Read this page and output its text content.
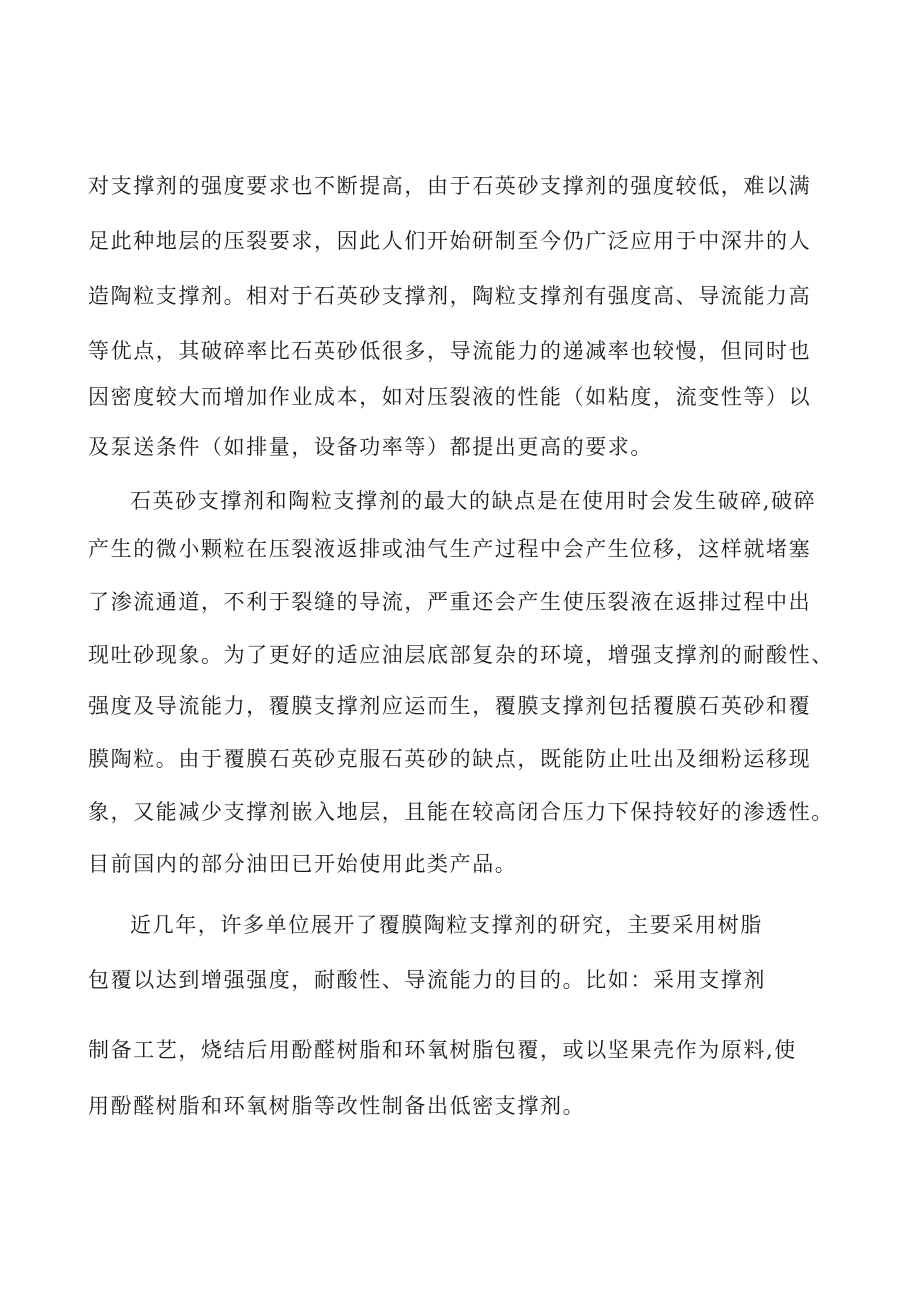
对支撑剂的强度要求也不断提高，由于石英砂支撑剂的强度较低，难以满
足此种地层的压裂要求，因此人们开始研制至今仍广泛应用于中深井的人
造陶粒支撑剂。相对于石英砂支撑剂，陶粒支撑剂有强度高、导流能力高
等优点，其破碎率比石英砂低很多，导流能力的递减率也较慢，但同时也
因密度较大而增加作业成本，如对压裂液的性能（如粘度，流变性等）以
及泵送条件（如排量，设备功率等）都提出更高的要求。
石英砂支撑剂和陶粒支撑剂的最大的缺点是在使用时会发生破碎,破碎
产生的微小颗粒在压裂液返排或油气生产过程中会产生位移，这样就堵塞
了渗流通道，不利于裂缝的导流，严重还会产生使压裂液在返排过程中出
现吐砂现象。为了更好的适应油层底部复杂的环境，增强支撑剂的耐酸性、
强度及导流能力，覆膜支撑剂应运而生，覆膜支撑剂包括覆膜石英砂和覆
膜陶粒。由于覆膜石英砂克服石英砂的缺点，既能防止吐出及细粉运移现
象，又能减少支撑剂嵌入地层，且能在较高闭合压力下保持较好的渗透性。
目前国内的部分油田已开始使用此类产品。
近几年，许多单位展开了覆膜陶粒支撑剂的研究，主要采用树脂
包覆以达到增强强度，耐酸性、导流能力的目的。比如：采用支撑剂
制备工艺，烧结后用酚醛树脂和环氧树脂包覆，或以坚果壳作为原料,使
用酚醛树脂和环氧树脂等改性制备出低密支撑剂。
